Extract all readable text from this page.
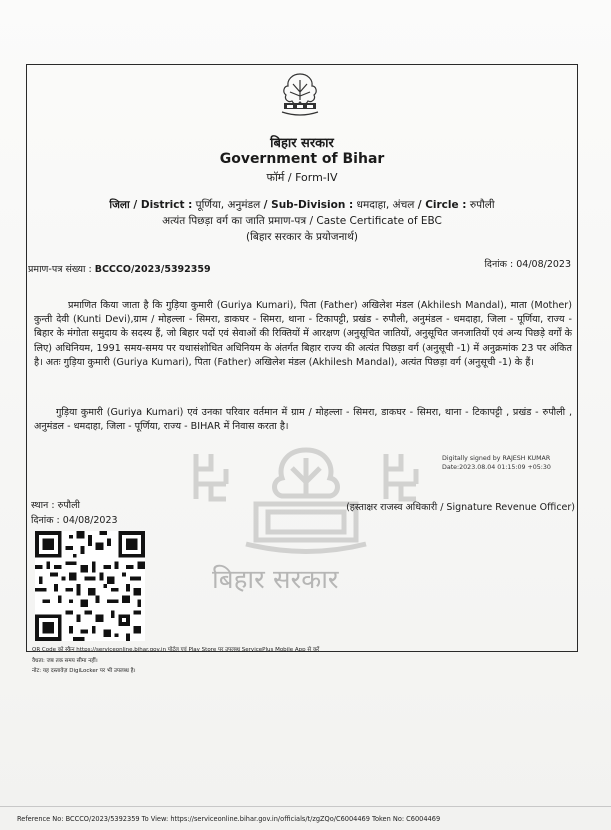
बिहार सरकार
Government of Bihar
फॉर्म / Form-IV
जिला / District : पूर्णिया, अनुमंडल / Sub-Division : धमदाहा, अंचल / Circle : रुपौली
अत्यंत पिछड़ा वर्ग का जाति प्रमाण-पत्र / Caste Certificate of EBC
(बिहार सरकार के प्रयोजनार्थ)
प्रमाण-पत्र संख्या : BCCCO/2023/5392359	दिनांक : 04/08/2023
प्रमाणित किया जाता है कि गुड़िया कुमारी (Guriya Kumari), पिता (Father) अखिलेश मंडल (Akhilesh Mandal), माता (Mother) कुन्ती देवी (Kunti Devi),ग्राम / मोहल्ला - सिमरा, डाकघर - सिमरा, थाना - टिकापट्टी, प्रखंड - रुपौली, अनुमंडल - धमदाहा, जिला - पूर्णिया, राज्य - बिहार के मंगोता समुदाय के सदस्य हैं, जो बिहार पदों एवं सेवाओं की रिक्तियों में आरक्षण (अनुसूचित जातियों, अनुसूचित जनजातियों एवं अन्य पिछड़े वर्गों के लिए) अधिनियम, 1991 समय-समय पर यथासंशोधित अधिनियम के अंतर्गत बिहार राज्य की अत्यंत पिछड़ा वर्ग (अनुसूची -1) में अनुक्रमांक 23 पर अंकित है। अतः गुड़िया कुमारी (Guriya Kumari), पिता (Father) अखिलेश मंडल (Akhilesh Mandal), अत्यंत पिछड़ा वर्ग (अनुसूची -1) के हैं।
गुड़िया कुमारी (Guriya Kumari) एवं उनका परिवार वर्तमान में ग्राम / मोहल्ला - सिमरा, डाकघर - सिमरा, थाना - टिकापट्टी , प्रखंड - रुपौली , अनुमंडल - धमदाहा, जिला - पूर्णिया, राज्य - BIHAR में निवास करता है।
बिहार सरकार
Digitally signed by RAJESH KUMAR
Date:2023.08.04 01:15:09 +05:30
(हस्ताक्षर राजस्व अधिकारी / Signature Revenue Officer)
स्थान : रुपौली
दिनांक : 04/08/2023
QR Code को स्कैन https://serviceonline.bihar.gov.in पोर्टल एवं Play Store पर उपलब्ध ServicePlus Mobile App से करें
वैधता: जब तक समय सीमा नहीं।
नोट: यह दस्तावेज़ DigiLocker पर भी उपलब्ध है।
Reference No: BCCCO/2023/5392359 To View: https://serviceonline.bihar.gov.in/officials/t/zgZQo/C6004469 Token No: C6004469
